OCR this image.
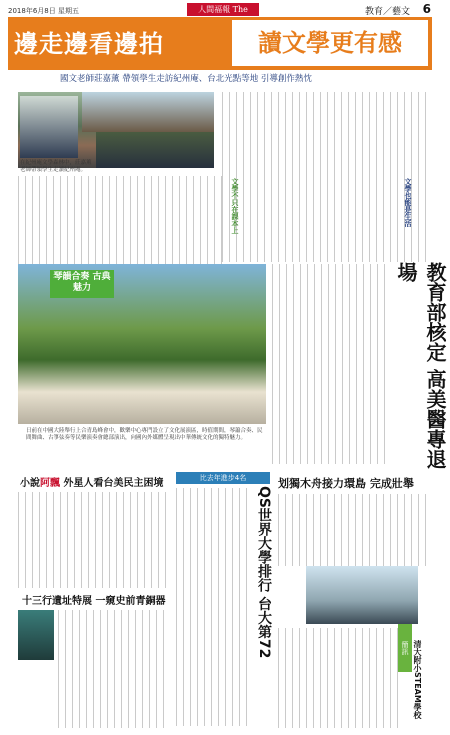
2018年6月8日 星期五	人間福報 The	教育／藝文 6
邊走邊看邊拍	讀文學更有感
國文老師莊嘉薰 帶領學生走訪紀州庵、台北光點等地 引導創作熱忱
在紀州庵文學森林中，莊嘉薰老師帶領學生走讀紀州庵。
文學不只在課本上	文學也能是生活
琴韻合奏 古典魅力
日前在中國大陸舉行上合青島峰會中，歡樂中心專門設立了文化展演區，時值期間，琴簫合奏、民間舞曲、古箏弦奏等民樂演奏會總部演出，向國內外媒體呈現出中華傳統文化的獨特魅力。	教育部核定 高美醫專退場
划獨木舟接力環島 完成壯舉
小說阿飄 外星人看台美民主困境
十三行遺址特展 一窺史前青銅器
比去年進步4名
QS世界大學排行 台大第72
清大附小STEAM學校
簡訊
